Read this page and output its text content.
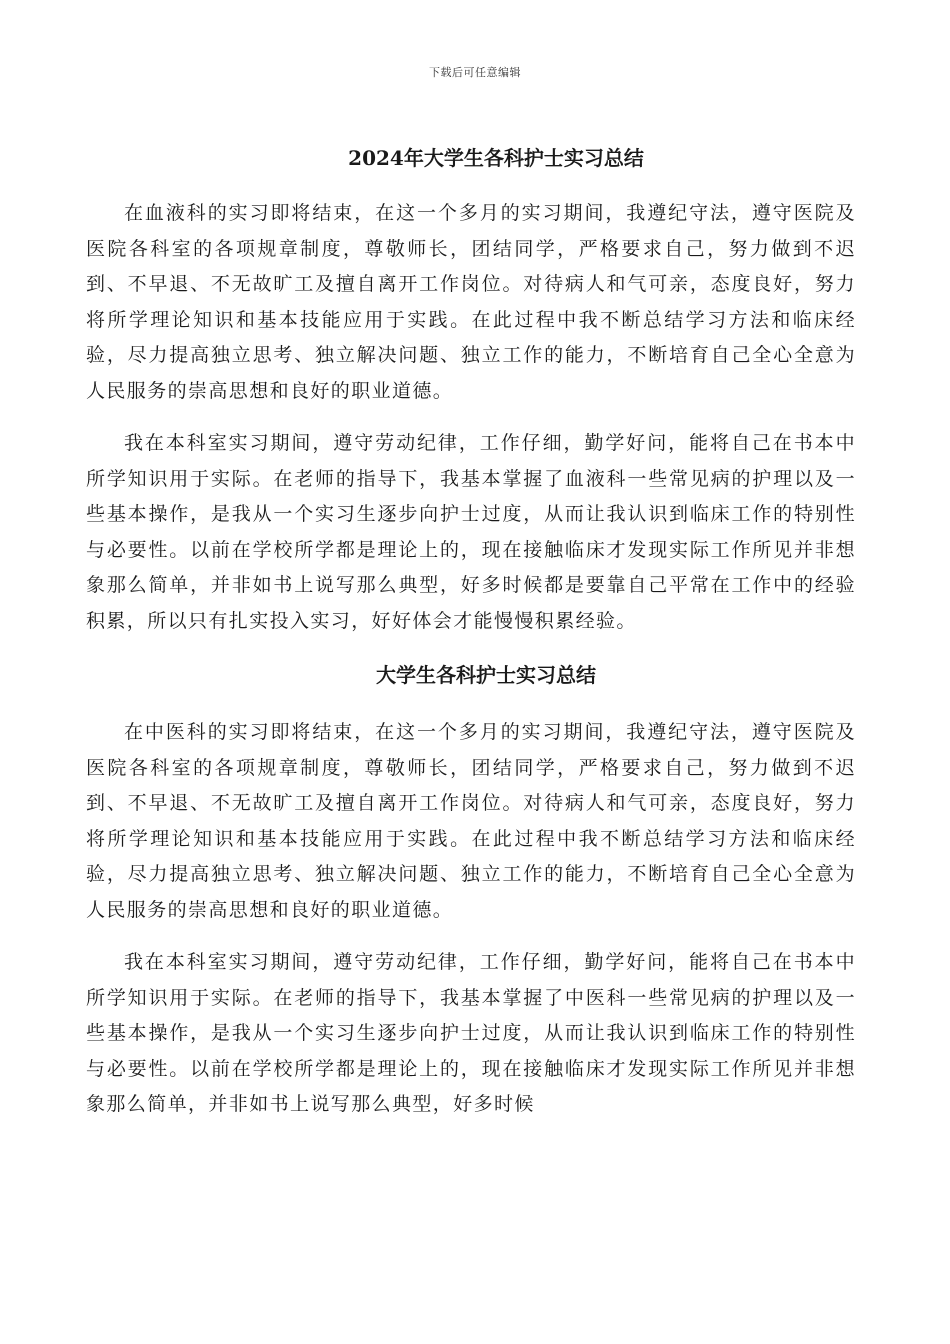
下载后可任意编辑
2024年大学生各科护士实习总结

在血液科的实习即将结束，在这一个多月的实习期间，我遵纪守法，遵守医院及医院各科室的各项规章制度，尊敬师长，团结同学，严格要求自己，努力做到不迟到、不早退、不无故旷工及擅自离开工作岗位。对待病人和气可亲，态度良好，努力将所学理论知识和基本技能应用于实践。在此过程中我不断总结学习方法和临床经验，尽力提高独立思考、独立解决问题、独立工作的能力，不断培育自己全心全意为人民服务的崇高思想和良好的职业道德。

我在本科室实习期间，遵守劳动纪律，工作仔细，勤学好问，能将自己在书本中所学知识用于实际。在老师的指导下，我基本掌握了血液科一些常见病的护理以及一些基本操作，是我从一个实习生逐步向护士过度，从而让我认识到临床工作的特别性与必要性。以前在学校所学都是理论上的，现在接触临床才发现实际工作所见并非想象那么简单，并非如书上说写那么典型，好多时候都是要靠自己平常在工作中的经验积累，所以只有扎实投入实习，好好体会才能慢慢积累经验。

大学生各科护士实习总结

在中医科的实习即将结束，在这一个多月的实习期间，我遵纪守法，遵守医院及医院各科室的各项规章制度，尊敬师长，团结同学，严格要求自己，努力做到不迟到、不早退、不无故旷工及擅自离开工作岗位。对待病人和气可亲，态度良好，努力将所学理论知识和基本技能应用于实践。在此过程中我不断总结学习方法和临床经验，尽力提高独立思考、独立解决问题、独立工作的能力，不断培育自己全心全意为人民服务的崇高思想和良好的职业道德。

我在本科室实习期间，遵守劳动纪律，工作仔细，勤学好问，能将自己在书本中所学知识用于实际。在老师的指导下，我基本掌握了中医科一些常见病的护理以及一些基本操作，是我从一个实习生逐步向护士过度，从而让我认识到临床工作的特别性与必要性。以前在学校所学都是理论上的，现在接触临床才发现实际工作所见并非想象那么简单，并非如书上说写那么典型，好多时候
